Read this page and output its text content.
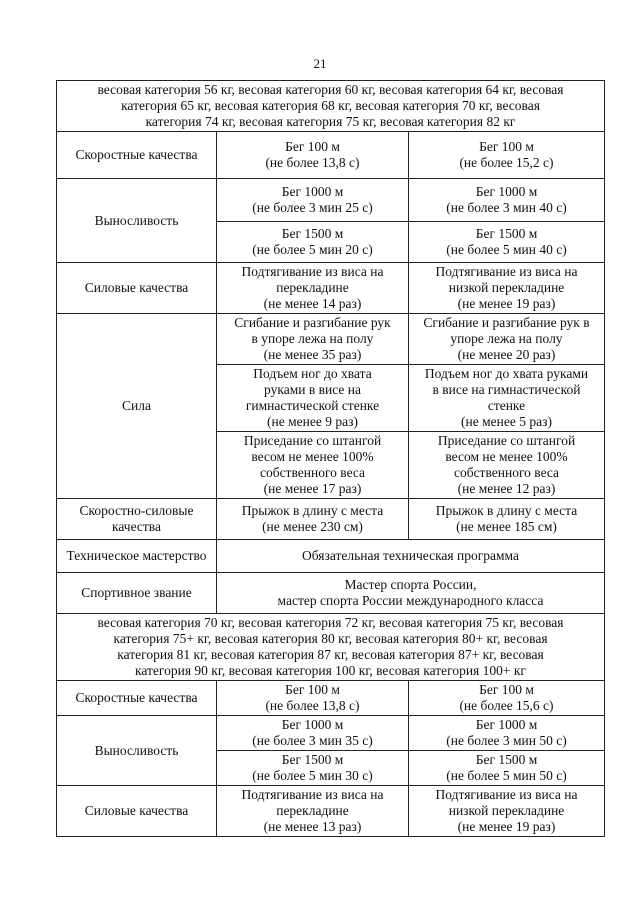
21
весовая категория 56 кг, весовая категория 60 кг, весовая категория 64 кг, весовая
категория 65 кг, весовая категория 68 кг, весовая категория 70 кг, весовая
категория 74 кг, весовая категория 75 кг, весовая категория 82 кг		

Скоростные качества	Бег 100 м
(не более 13,8 с)	Бег 100 м
(не более 15,2 с)

Выносливость	Бег 1000 м
(не более 3 мин 25 с)	Бег 1000 м
(не более 3 мин 40 с)

	Бег 1500 м
(не более 5 мин 20 с)	Бег 1500 м
(не более 5 мин 40 с)

Силовые качества	Подтягивание из виса на
перекладине
(не менее 14 раз)	Подтягивание из виса на
низкой перекладине
(не менее 19 раз)

Сила	Сгибание и разгибание рук
в упоре лежа на полу
(не менее 35 раз)	Сгибание и разгибание рук в
упоре лежа на полу
(не менее 20 раз)

	Подъем ног до хвата
руками в висе на
гимнастической стенке
(не менее 9 раз)	Подъем ног до хвата руками
в висе на гимнастической
стенке
(не менее 5 раз)

	Приседание со штангой
весом не менее 100%
собственного веса
(не менее 17 раз)	Приседание со штангой
весом не менее 100%
собственного веса
(не менее 12 раз)

Скоростно-силовые
качества	Прыжок в длину с места
(не менее 230 см)	Прыжок в длину с места
(не менее 185 см)

Техническое мастерство	Обязательная техническая программа	
Спортивное звание	Мастер спорта России,
мастер спорта России международного класса	

весовая категория 70 кг, весовая категория 72 кг, весовая категория 75 кг, весовая
категория 75+ кг, весовая категория 80 кг, весовая категория 80+ кг, весовая
категория 81 кг, весовая категория 87 кг, весовая категория 87+ кг, весовая
категория 90 кг, весовая категория 100 кг, весовая категория 100+ кг		

Скоростные качества	Бег 100 м
(не более 13,8 с)	Бег 100 м
(не более 15,6 с)

Выносливость	Бег 1000 м
(не более 3 мин 35 с)	Бег 1000 м
(не более 3 мин 50 с)

	Бег 1500 м
(не более 5 мин 30 с)	Бег 1500 м
(не более 5 мин 50 с)

Силовые качества	Подтягивание из виса на
перекладине
(не менее 13 раз)	Подтягивание из виса на
низкой перекладине
(не менее 19 раз)
